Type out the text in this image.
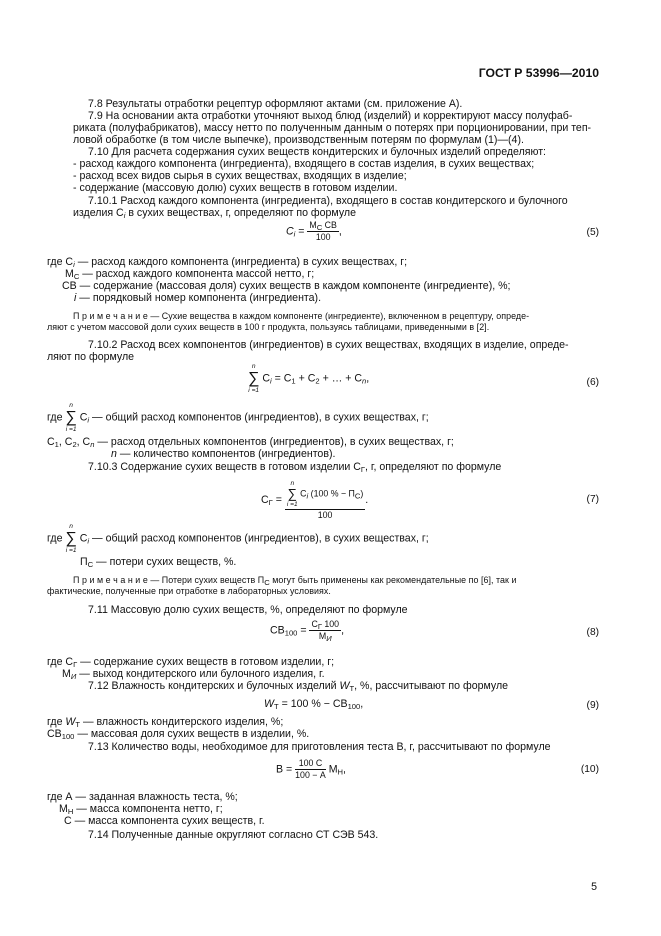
ГОСТ Р 53996—2010
7.8 Результаты отработки рецептур оформляют актами (см. приложение А).
7.9 На основании акта отработки уточняют выход блюд (изделий) и корректируют массу полуфаб-
риката (полуфабрикатов), массу нетто по полученным данным о потерях при порционировании, при теп-
ловой обработке (в том числе выпечке), производственным потерям по формулам (1)—(4).
7.10 Для расчета содержания сухих веществ кондитерских и булочных изделий определяют:
- расход каждого компонента (ингредиента), входящего в состав изделия, в сухих веществах;
- расход всех видов сырья в сухих веществах, входящих в изделие;
- содержание (массовую долю) сухих веществ в готовом изделии.
7.10.1 Расход каждого компонента (ингредиента), входящего в состав кондитерского и булочного
изделия $С_i$ в сухих веществах, г, определяют по формуле
$C_i = \frac{М_С СВ}{100}$ ,	(5)
где $С_i$ — расход каждого компонента (ингредиента) в сухих веществах, г;
$М_С$ — расход каждого компонента массой нетто, г;
СВ — содержание (массовая доля) сухих веществ в каждом компоненте (ингредиенте), %;
i — порядковый номер компонента (ингредиента).
П р и м е ч а н и е — Сухие вещества в каждом компоненте (ингредиенте), включенном в рецептуру, опреде-
ляют с учетом массовой доли сухих веществ в 100 г продукта, пользуясь таблицами, приведенными в [2].
7.10.2 Расход всех компонентов (ингредиентов) в сухих веществах, входящих в изделие, опреде-
ляют по формуле
n
∑
i =1
$С_i = С_1 + С_2$ + … + $С_n$,	(6)
где
n
∑
i =1
$С_i$ — общий расход компонентов (ингредиентов), в сухих веществах, г;
$С_1$, $С_2$, $С_n$ — расход отдельных компонентов (ингредиентов), в сухих веществах, г;
n — количество компонентов (ингредиентов).
7.10.3 Содержание сухих веществ в готовом изделии $С_Г$, г, определяют по формуле
$С_Г = n$
∑
i =1
$С_i$ (100 % − $П_С$)
100 .	(7)
где
n
∑
i =1
$С_i$ — общий расход компонентов (ингредиентов), в сухих веществах, г;
$П_С$ — потери сухих веществ, %.
П р и м е ч а н и е — Потери сухих веществ $П_С$ могут быть применены как рекомендательные по [6], так и
фактические, полученные при отработке в лабораторных условиях.
7.11 Массовую долю сухих веществ, %, определяют по формуле
$СВ_{100} = \frac{С_Г 100}{М_И}$ ,	(8)
где $С_Г$ — содержание сухих веществ в готовом изделии, г;
$М_И$ — выход кондитерского или булочного изделия, г.
7.12 Влажность кондитерских и булочных изделий $W_Т$, %, рассчитывают по формуле
$W_Т = 100$ % − $СВ_{100}$,	(9)
где $W_Т$ — влажность кондитерского изделия, %;
$СВ_{100}$ — массовая доля сухих веществ в изделии, %.
7.13 Количество воды, необходимое для приготовления теста В, г, рассчитывают по формуле
$В = \frac{100 С}{100 - А} М_Н$,	(10)
где А — заданная влажность теста, %;
$М_Н$ — масса компонента нетто, г;
С — масса компонента сухих веществ, г.
7.14 Полученные данные округляют согласно СТ СЭВ 543.
5
